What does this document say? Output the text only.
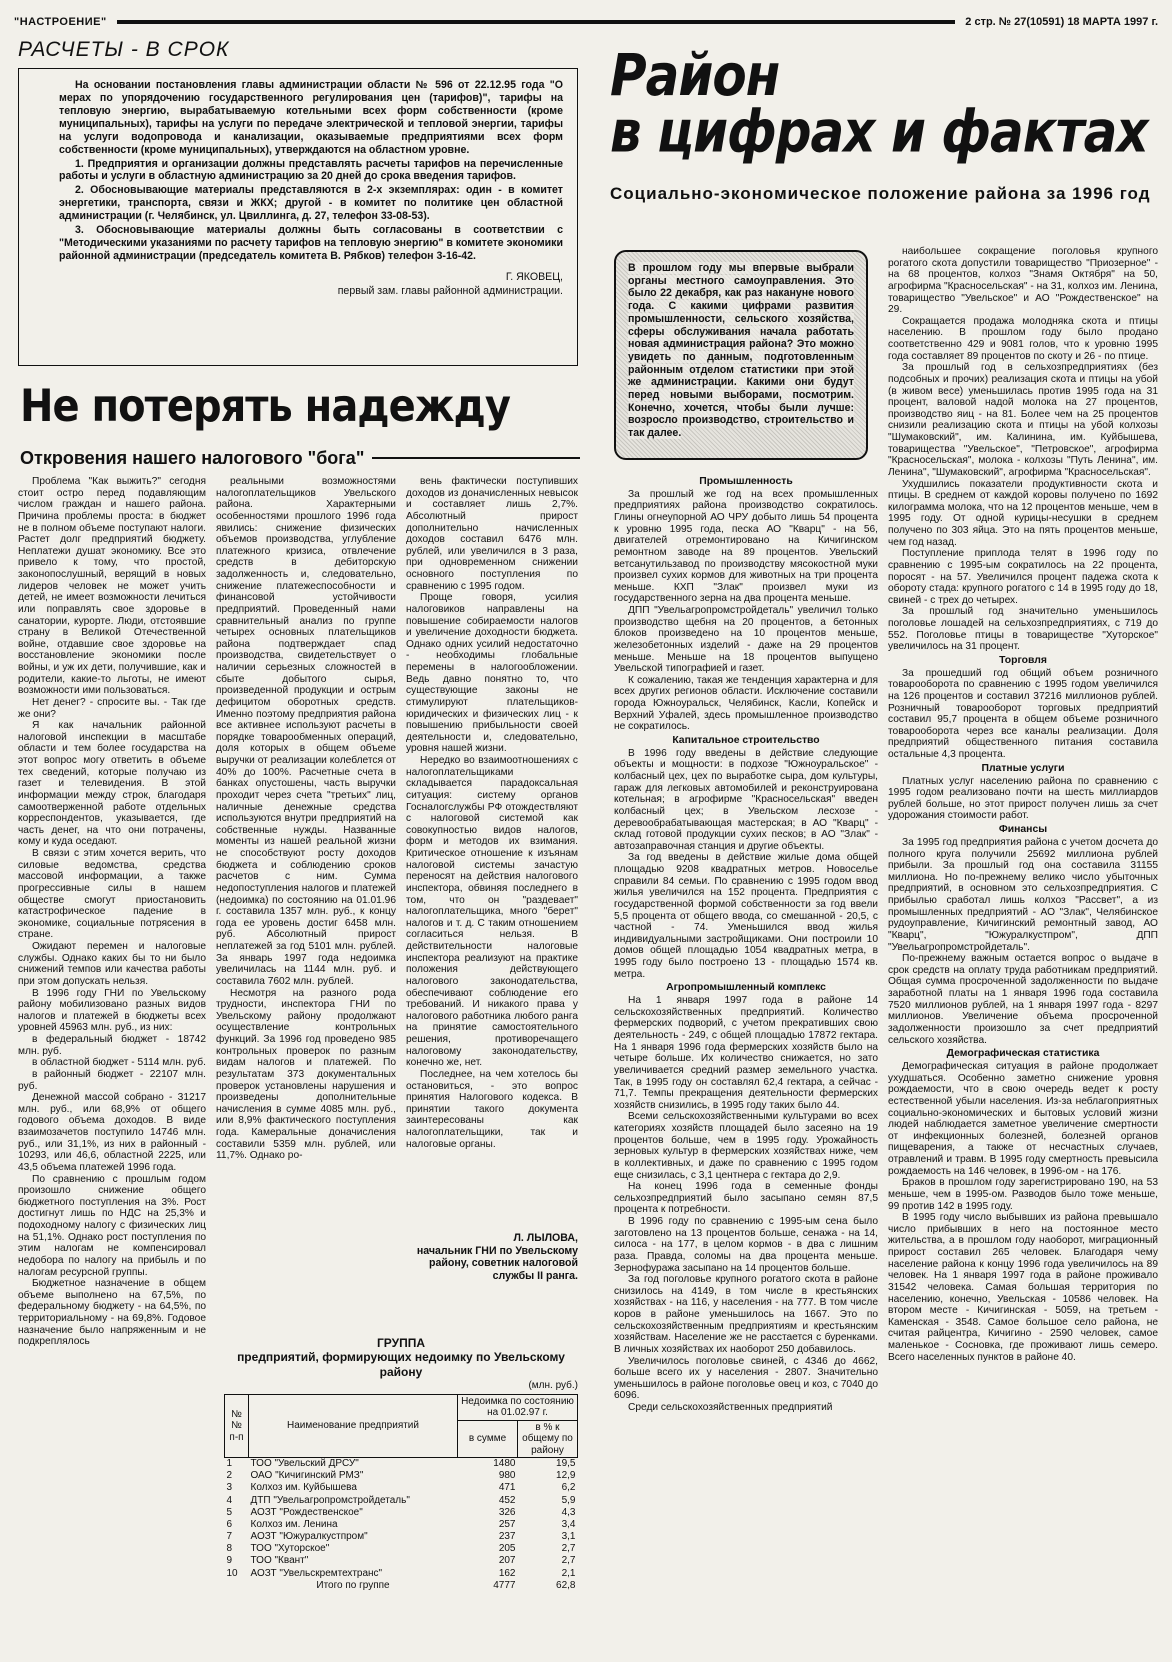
"НАСТРОЕНИЕ"	2 стр. № 27(10591) 18 МАРТА 1997 г.
РАСЧЕТЫ - В СРОК

На основании постановления главы администрации области № 596 от 22.12.95 года "О мерах по упорядочению государственного регулирования цен (тарифов)", тарифы на тепловую энергию, вырабатываемую котельными всех форм собственности (кроме муниципальных), тарифы на услуги по передаче электрической и тепловой энергии, тарифы на услуги водопровода и канализации, оказываемые предприятиями всех форм собственности (кроме муниципальных), утверждаются на областном уровне.

1. Предприятия и организации должны представлять расчеты тарифов на перечисленные работы и услуги в областную администрацию за 20 дней до срока введения тарифов.

2. Обосновывающие материалы представляются в 2-х экземплярах: один - в комитет энергетики, транспорта, связи и ЖКХ; другой - в комитет по политике цен областной администрации (г. Челябинск, ул. Цвиллинга, д. 27, телефон 33-08-53).

3. Обосновывающие материалы должны быть согласованы в соответствии с "Методическими указаниями по расчету тарифов на тепловую энергию" в комитете экономики районной администрации (председатель комитета В. Рябков) телефон 3-16-42.

Г. ЯКОВЕЦ,

первый зам. главы районной администрации.

Не потерять надежду
Откровения нашего налогового "бога"

Проблема "Как выжить?" сегодня стоит остро перед подавляющим числом граждан и нашего района. Причина проблемы проста: в бюджет не в полном объеме поступают налоги. Растет долг предприятий бюджету. Неплатежи душат экономику. Все это привело к тому, что простой, законопослушный, верящий в новых лидеров человек не может учить детей, не имеет возможности лечиться или поправлять свое здоровье в санатории, курорте. Люди, отстоявшие страну в Великой Отечественной войне, отдавшие свое здоровье на восстановление экономики после войны, и уж их дети, получившие, как и родители, какие-то льготы, не имеют возможности ими пользоваться.

Нет денег? - спросите вы. - Так где же они?

Я как начальник районной налоговой инспекции в масштабе области и тем более государства на этот вопрос могу ответить в объеме тех сведений, которые получаю из газет и телевидения. В этой информации между строк, благодаря самоотверженной работе отдельных корреспондентов, указывается, где часть денег, на что они потрачены, кому и куда оседают.

В связи с этим хочется верить, что силовые ведомства, средства массовой информации, а также прогрессивные силы в нашем обществе смогут приостановить катастрофическое падение в экономике, социальные потрясения в стране.

Ожидают перемен и налоговые службы. Однако каких бы то ни было снижений темпов или качества работы при этом допускать нельзя.

В 1996 году ГНИ по Увельскому району мобилизовано разных видов налогов и платежей в бюджеты всех уровней 45963 млн. руб., из них:

в федеральный бюджет - 18742 млн. руб.

в областной бюджет - 5114 млн. руб.

в районный бюджет - 22107 млн. руб.

Денежной массой собрано - 31217 млн. руб., или 68,9% от общего годового объема доходов. В виде взаимозачетов поступило 14746 млн. руб., или 31,1%, из них в районный - 10293, или 46,6, областной 2225, или 43,5 объема платежей 1996 года.

По сравнению с прошлым годом произошло снижение общего бюджетного поступления на 3%. Рост достигнут лишь по НДС на 25,3% и подоходному налогу с физических лиц на 51,1%. Однако рост поступления по этим налогам не компенсировал недобора по налогу на прибыль и по налогам ресурсной группы.

Бюджетное назначение в общем объеме выполнено на 67,5%, по федеральному бюджету - на 64,5%, по территориальному - на 69,8%. Годовое назначение было напряженным и не подкреплялось

реальными возможностями налогоплательщиков Увельского района. Характерными особенностями прошлого 1996 года явились: снижение физических объемов производства, углубление платежного кризиса, отвлечение средств в дебиторскую задолженность и, следовательно, снижение платежеспособности и финансовой устойчивости предприятий. Проведенный нами сравнительный анализ по группе четырех основных плательщиков района подтверждает спад производства, свидетельствует о наличии серьезных сложностей в сбыте добытого сырья, произведенной продукции и острым дефицитом оборотных средств. Именно поэтому предприятия района все активнее используют расчеты в порядке товарообменных операций, доля которых в общем объеме выручки от реализации колеблется от 40% до 100%. Расчетные счета в банках опустошены, часть выручки проходит через счета "третьих" лиц, наличные денежные средства используются внутри предприятий на собственные нужды. Названные моменты из нашей реальной жизни не способствуют росту доходов бюджета и соблюдению сроков расчетов с ним. Сумма недопоступления налогов и платежей (недоимка) по состоянию на 01.01.96 г. составила 1357 млн. руб., к концу года ее уровень достиг 6458 млн. руб. Абсолютный прирост неплатежей за год 5101 млн. рублей. За январь 1997 года недоимка увеличилась на 1144 млн. руб. и составила 7602 млн. рублей.

Несмотря на разного рода трудности, инспектора ГНИ по Увельскому району продолжают осуществление контрольных функций. За 1996 год проведено 985 контрольных проверок по разным видам налогов и платежей. По результатам 373 документальных проверок установлены нарушения и произведены дополнительные начисления в сумме 4085 млн. руб., или 8,9% фактического поступления года. Камеральные доначисления составили 5359 млн. рублей, или 11,7%. Однако ро-

вень фактически поступивших доходов из доначисленных невысок и составляет лишь 2,7%. Абсолютный прирост дополнительно начисленных доходов составил 6476 млн. рублей, или увеличился в 3 раза, при одновременном снижении основного поступления по сравнению с 1995 годом.

Проще говоря, усилия налоговиков направлены на повышение собираемости налогов и увеличение доходности бюджета. Однако одних усилий недостаточно - необходимы глобальные перемены в налогообложении. Ведь давно понятно то, что существующие законы не стимулируют плательщиков-юридических и физических лиц - к повышению прибыльности своей деятельности и, следовательно, уровня нашей жизни.

Нередко во взаимоотношениях с налогоплательщиками складывается парадоксальная ситуация: систему органов Госналогслужбы РФ отождествляют с налоговой системой как совокупностью видов налогов, форм и методов их взимания. Критическое отношение к изъянам налоговой системы зачастую переносят на действия налогового инспектора, обвиняя последнего в том, что он "раздевает" налогоплательщика, много "берет" налогов и т. д. С таким отношением согласиться нельзя. В действительности налоговые инспектора реализуют на практике положения действующего налогового законодательства, обеспечивают соблюдение его требований. И никакого права у налогового работника любого ранга на принятие самостоятельного решения, противоречащего налоговому законодательству, конечно же, нет.

Последнее, на чем хотелось бы остановиться, - это вопрос принятия Налогового кодекса. В принятии такого документа заинтересованы как налогоплательщики, так и налоговые органы.

Л. ЛЫЛОВА,
начальник ГНИ по Увельскому району, советник налоговой службы II ранга.
ГРУППА
предприятий, формирующих недоимку по Увельскому району
(млн. руб.)
№№ п-п	Наименование предприятий	Недоимка по состоянию на 01.02.97 г.	
		в сумме	в % к общему по району
1	ТОО "Увельский ДРСУ"	1480	19,5
2	ОАО "Кичигинский РМЗ"	980	12,9
3	Колхоз им. Куйбышева	471	6,2
4	ДТП "Увельагропромстройдеталь"	452	5,9
5	АОЗТ "Рождественское"	326	4,3
6	Колхоз им. Ленина	257	3,4
7	АОЗТ "Южуралкустпром"	237	3,1
8	ТОО "Хуторское"	205	2,7
9	ТОО "Квант"	207	2,7
10	АОЗТ "Увельскремтехтранс"	162	2,1
	Итого по группе	4777	62,8
Район
в цифрах и фактах
Социально-экономическое положение района за 1996 год
В прошлом году мы впервые выбрали органы местного самоуправления. Это было 22 декабря, как раз накануне нового года. С какими цифрами развития промышленности, сельского хозяйства, сферы обслуживания начала работать новая администрация района? Это можно увидеть по данным, подготовленным районным отделом статистики при этой же администрации. Какими они будут перед новыми выборами, посмотрим. Конечно, хочется, чтобы были лучше: возросло производство, строительство и так далее.
Промышленность

За прошлый же год на всех промышленных предприятиях района производство сократилось. Глины огнеупорной АО ЧРУ добыто лишь 54 процента к уровню 1995 года, песка АО "Кварц" - на 56, двигателей отремонтировано на Кичигинском ремонтном заводе на 89 процентов. Увельский ветсанутильзавод по производству мясокостной муки произвел сухих кормов для животных на три процента меньше. КХП "Злак" произвел муки из государственного зерна на два процента меньше.

ДПП "Увельагропромстройдеталь" увеличил только производство щебня на 20 процентов, а бетонных блоков произведено на 10 процентов меньше, железобетонных изделий - даже на 29 процентов меньше. Меньше на 18 процентов выпущено Увельской типографией и газет.

К сожалению, такая же тенденция характерна и для всех других регионов области. Исключение составили города Южноуральск, Челябинск, Касли, Копейск и Верхний Уфалей, здесь промышленное производство не сократилось.

Капитальное строительство

В 1996 году введены в действие следующие объекты и мощности: в подхозе "Южноуральское" - колбасный цех, цех по выработке сыра, дом культуры, гараж для легковых автомобилей и реконструирована котельная; в агрофирме "Красносельская" введен колбасный цех; в Увельском лесхозе - деревообрабатывающая мастерская; в АО "Кварц" - склад готовой продукции сухих песков; в АО "Злак" - автозаправочная станция и другие объекты.

За год введены в действие жилые дома общей площадью 9208 квадратных метров. Новоселье справили 84 семьи. По сравнению с 1995 годом ввод жилья увеличился на 152 процента. Предприятия с государственной формой собственности за год ввели 5,5 процента от общего ввода, со смешанной - 20,5, с частной - 74. Уменьшился ввод жилья индивидуальными застройщиками. Они построили 10 домов общей площадью 1054 квадратных метра, в 1995 году было построено 13 - площадью 1574 кв. метра.

Агропромышленный комплекс

На 1 января 1997 года в районе 14 сельскохозяйственных предприятий. Количество фермерских подворий, с учетом прекративших свою деятельность - 249, с общей площадью 17872 гектара. На 1 января 1996 года фермерских хозяйств было на четыре больше. Их количество снижается, но зато увеличивается средний размер земельного участка. Так, в 1995 году он составлял 62,4 гектара, а сейчас - 71,7. Темпы прекращения деятельности фермерских хозяйств снизились, в 1995 году таких было 44.

Всеми сельскохозяйственными культурами во всех категориях хозяйств площадей было засеяно на 19 процентов больше, чем в 1995 году. Урожайность зерновых культур в фермерских хозяйствах ниже, чем в коллективных, и даже по сравнению с 1995 годом еще снизилась, с 3,1 центнера с гектара до 2,9.

На конец 1996 года в семенные фонды сельхозпредприятий было засыпано семян 87,5 процента к потребности.

В 1996 году по сравнению с 1995-ым сена было заготовлено на 13 процентов больше, сенажа - на 14, силоса - на 177, в целом кормов - в два с лишним раза. Правда, соломы на два процента меньше. Зернофуража засыпано на 14 процентов больше.

За год поголовье крупного рогатого скота в районе снизилось на 4149, в том числе в крестьянских хозяйствах - на 116, у населения - на 777. В том числе коров в районе уменьшилось на 1667. Это по сельскохозяйственным предприятиям и крестьянским хозяйствам. Население же не расстается с буренками. В личных хозяйствах их наоборот 250 добавилось.

Увеличилось поголовье свиней, с 4346 до 4662, больше всего их у населения - 2807. Значительно уменьшилось в районе поголовье овец и коз, с 7040 до 6096.

Среди сельскохозяйственных предприятий

наибольшее сокращение поголовья крупного рогатого скота допустили товарищество "Приозерное" - на 68 процентов, колхоз "Знамя Октября" на 50, агрофирма "Красносельская" - на 31, колхоз им. Ленина, товарищество "Увельское" и АО "Рождественское" на 29.

Сокращается продажа молодняка скота и птицы населению. В прошлом году было продано соответственно 429 и 9081 голов, что к уровню 1995 года составляет 89 процентов по скоту и 26 - по птице.

За прошлый год в сельхозпредприятиях (без подсобных и прочих) реализация скота и птицы на убой (в живом весе) уменьшилась против 1995 года на 31 процент, валовой надой молока на 27 процентов, производство яиц - на 81. Более чем на 25 процентов снизили реализацию скота и птицы на убой колхозы "Шумаковский", им. Калинина, им. Куйбышева, товарищества "Увельское", "Петровское", агрофирма "Красносельская", молока - колхозы "Путь Ленина", им. Ленина", "Шумаковский", агрофирма "Красносельская".

Ухудшились показатели продуктивности скота и птицы. В среднем от каждой коровы получено по 1692 килограмма молока, что на 12 процентов меньше, чем в 1995 году. От одной курицы-несушки в среднем получено по 303 яйца. Это на пять процентов меньше, чем год назад.

Поступление приплода телят в 1996 году по сравнению с 1995-ым сократилось на 22 процента, поросят - на 57. Увеличился процент падежа скота к обороту стада: крупного рогатого с 14 в 1995 году до 18, свиней - с трех до четырех.

За прошлый год значительно уменьшилось поголовье лошадей на сельхозпредприятиях, с 719 до 552. Поголовье птицы в товариществе "Хуторское" увеличилось на 31 процент.

Торговля

За прошедший год общий объем розничного товарооборота по сравнению с 1995 годом увеличился на 126 процентов и составил 37216 миллионов рублей. Розничный товарооборот торговых предприятий составил 95,7 процента в общем объеме розничного товарооборота через все каналы реализации. Доля предприятий общественного питания составила остальные 4,3 процента.

Платные услуги

Платных услуг населению района по сравнению с 1995 годом реализовано почти на шесть миллиардов рублей больше, но этот прирост получен лишь за счет удорожания стоимости работ.

Финансы

За 1995 год предприятия района с учетом досчета до полного круга получили 25692 миллиона рублей прибыли. За прошлый год она составила 31155 миллиона. Но по-прежнему велико число убыточных предприятий, в основном это сельхозпредприятия. С прибылью сработал лишь колхоз "Рассвет", а из промышленных предприятий - АО "Злак", Челябинское рудоуправление, Кичигинский ремонтный завод, АО "Кварц", "Южуралкустпром", ДПП "Увельагропромстройдеталь".

По-прежнему важным остается вопрос о выдаче в срок средств на оплату труда работникам предприятий. Общая сумма просроченной задолженности по выдаче заработной платы на 1 января 1996 года составила 7520 миллионов рублей, на 1 января 1997 года - 8297 миллионов. Увеличение объема просроченной задолженности произошло за счет предприятий сельского хозяйства.

Демографическая статистика

Демографическая ситуация в районе продолжает ухудшаться. Особенно заметно снижение уровня рождаемости, что в свою очередь ведет к росту естественной убыли населения. Из-за неблагоприятных социально-экономических и бытовых условий жизни людей наблюдается заметное увеличение смертности от инфекционных болезней, болезней органов пищеварения, а также от несчастных случаев, отравлений и травм. В 1995 году смертность превысила рождаемость на 146 человек, в 1996-ом - на 176.

Браков в прошлом году зарегистрировано 190, на 53 меньше, чем в 1995-ом. Разводов было тоже меньше, 99 против 142 в 1995 году.

В 1995 году число выбывших из района превышало число прибывших в него на постоянное место жительства, а в прошлом году наоборот, миграционный прирост составил 265 человек. Благодаря чему население района к концу 1996 года увеличилось на 89 человек. На 1 января 1997 года в районе проживало 31542 человека. Самая большая территория по населению, конечно, Увельская - 10586 человек. На втором месте - Кичигинская - 5059, на третьем - Каменская - 3548. Самое большое село района, не считая райцентра, Кичигино - 2590 человек, самое маленькое - Сосновка, где проживают лишь семеро. Всего населенных пунктов в районе 40.
